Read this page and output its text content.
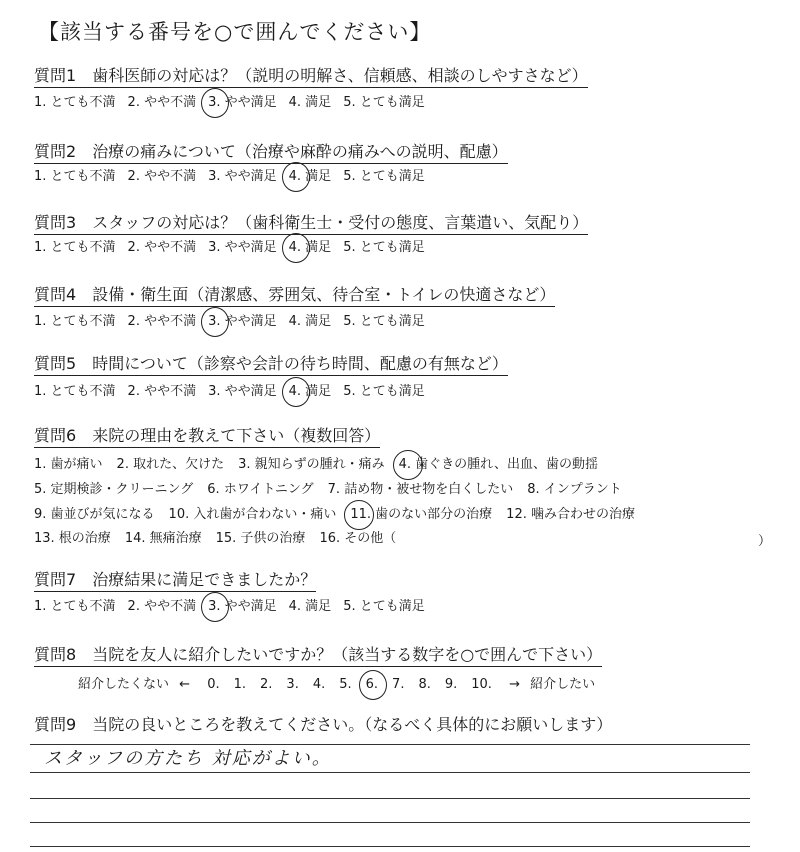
【該当する番号を○で囲んでください】
質問1　 歯科医師の対応は？（説明の明解さ、信頼感、相談のしやすさなど）
1. とても不満 2. やや不満 3. やや満足 4. 満足 5. とても満足
質問2　 治療の痛みについて（治療や麻酔の痛みへの説明、配慮）
1. とても不満 2. やや不満 3. やや満足 4. 満足 5. とても満足
質問3　 スタッフの対応は？（歯科衛生士・受付の態度、言葉遣い、気配り）
1. とても不満 2. やや不満 3. やや満足 4. 満足 5. とても満足
質問4　 設備・衛生面（清潔感、雰囲気、待合室・トイレの快適さなど）
1. とても不満 2. やや不満 3. やや満足 4. 満足 5. とても満足
質問5　 時間について（診察や会計の待ち時間、配慮の有無など）
1. とても不満 2. やや不満 3. やや満足 4. 満足 5. とても満足
質問6　 来院の理由を教えて下さい（複数回答）
1. 歯が痛い 2. 取れた、欠けた 3. 親知らずの腫れ・痛み 4. 歯ぐきの腫れ、出血、歯の動揺
5. 定期検診・クリーニング 6. ホワイトニング 7. 詰め物・被せ物を白くしたい 8. インプラント
9. 歯並びが気になる 10. 入れ歯が合わない・痛い 11. 歯のない部分の治療 12. 噛み合わせの治療
13. 根の治療 14. 無痛治療 15. 子供の治療 16. その他（	）
質問7　 治療結果に満足できましたか？
1. とても不満 2. やや不満 3. やや満足 4. 満足 5. とても満足
質問8　 当院を友人に紹介したいですか？（該当する数字を○で囲んで下さい）
紹介したくない ← 0. 1. 2. 3. 4. 5. 6. 7. 8. 9. 10. → 紹介したい
質問9　 当院の良いところを教えてください。（なるべく具体的にお願いします）
スタッフの方たち 対応がよい。
